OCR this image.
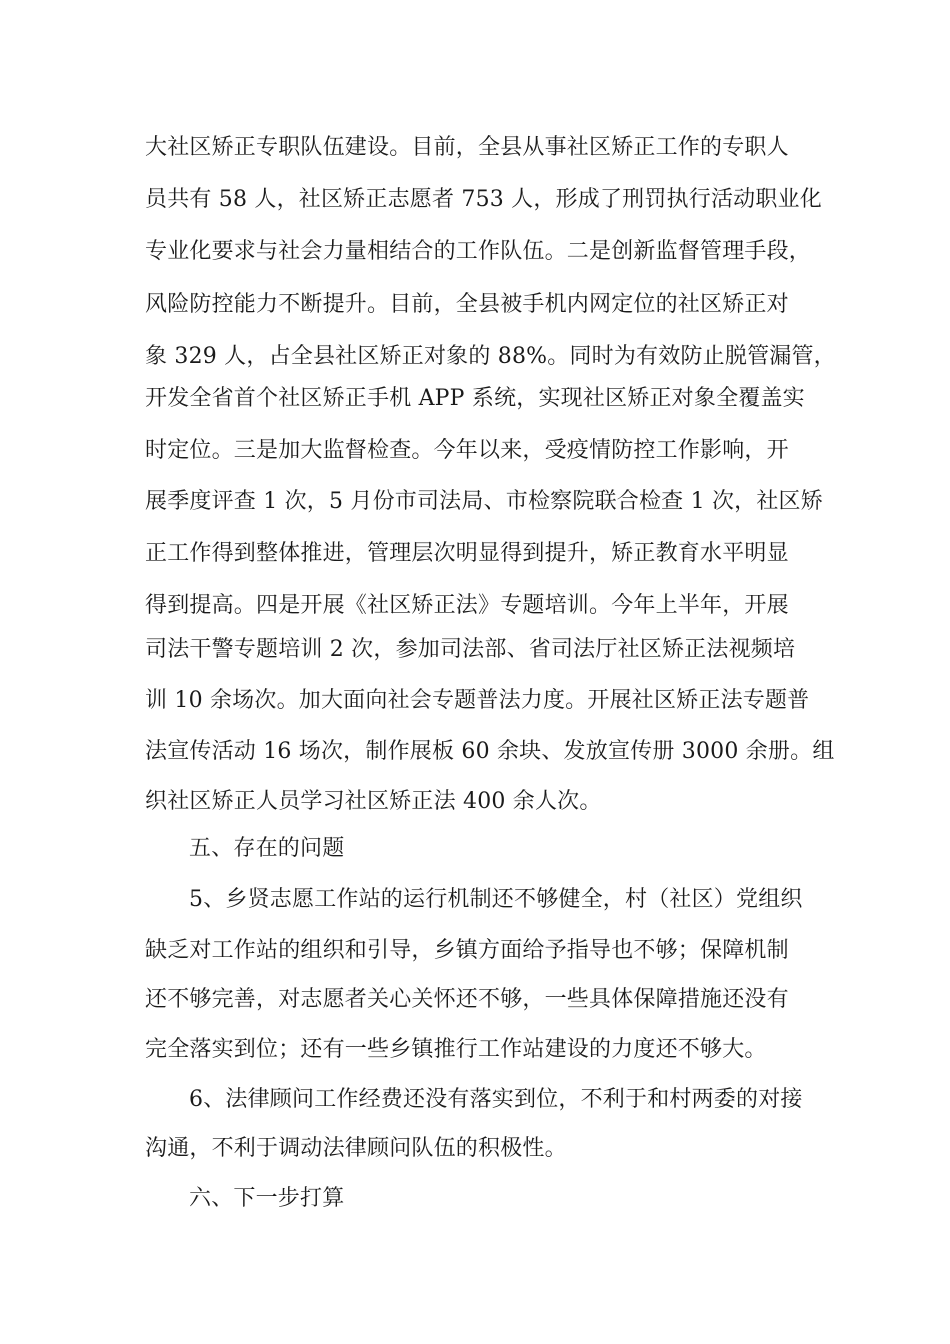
大社区矫正专职队伍建设。目前，全县从事社区矫正工作的专职人
员共有 58 人，社区矫正志愿者 753 人，形成了刑罚执行活动职业化
专业化要求与社会力量相结合的工作队伍。二是创新监督管理手段，
风险防控能力不断提升。目前，全县被手机内网定位的社区矫正对
象 329 人，占全县社区矫正对象的 88%。同时为有效防止脱管漏管，
开发全省首个社区矫正手机 APP 系统，实现社区矫正对象全覆盖实
时定位。三是加大监督检查。今年以来，受疫情防控工作影响，开
展季度评查 1 次，5 月份市司法局、市检察院联合检查 1 次，社区矫
正工作得到整体推进，管理层次明显得到提升，矫正教育水平明显
得到提高。四是开展《社区矫正法》专题培训。今年上半年，开展
司法干警专题培训 2 次，参加司法部、省司法厅社区矫正法视频培
训 10 余场次。加大面向社会专题普法力度。开展社区矫正法专题普
法宣传活动 16 场次，制作展板 60 余块、发放宣传册 3000 余册。组
织社区矫正人员学习社区矫正法 400 余人次。
五、存在的问题
5、乡贤志愿工作站的运行机制还不够健全，村（社区）党组织
缺乏对工作站的组织和引导，乡镇方面给予指导也不够；保障机制
还不够完善，对志愿者关心关怀还不够，一些具体保障措施还没有
完全落实到位；还有一些乡镇推行工作站建设的力度还不够大。
6、法律顾问工作经费还没有落实到位，不利于和村两委的对接
沟通，不利于调动法律顾问队伍的积极性。
六、下一步打算
